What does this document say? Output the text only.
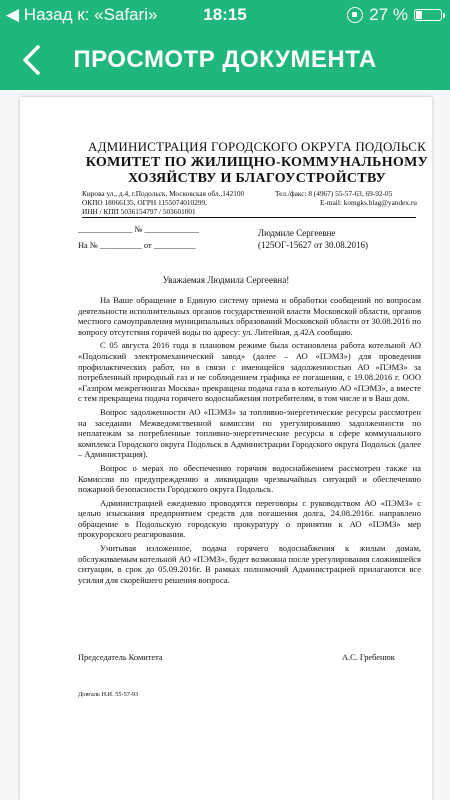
◀ Назад к: «Safari»	18:15	27 %
ПРОСМОТР ДОКУМЕНТА
АДМИНИСТРАЦИЯ ГОРОДСКОГО ОКРУГА ПОДОЛЬСК
КОМИТЕТ ПО ЖИЛИЩНО-КОММУНАЛЬНОМУ
ХОЗЯЙСТВУ И БЛАГОУСТРОЙСТВУ
Кирова ул., д.4, г.Подольск, Московская обл.,142100
ОКПО 18066135, ОГРН 1155074010299,
ИНН / КПП 5036154797 / 503601001
Тел./факс: 8 (4967) 55-57-63, 69-92-05
E-mail: komgks.blag@yandex.ru
_____________ № _____________
На № __________ от __________
Людмиле Сергеевне
(125ОГ-15627 от 30.08.2016)
Уважаемая Людмила Сергеевна!

На Ваше обращение в Единую систему приема и обработки сообщений по вопросам деятельности исполнительных органов государственной власти Московской области, органов местного самоуправления муниципальных образований Московской области от 30.08.2016 по вопросу отсутствия горячей воды по адресу: ул. Литейная, д.42А сообщаю.

С 05 августа 2016 года в плановом режиме была остановлена работа котельной АО «Подольский электромеханический завод» (далее – АО «ПЭМЗ») для проведения профилактических работ, но в связи с имеющейся задолженностью АО «ПЭМЗ» за потребленный природный газ и не соблюдением графика ее погашения, с 19.08.2016 г. ООО «Газпром межрегионгаз Москва» прекращена подача газа в котельную АО «ПЭМЗ», а вместе с тем прекращена подача горячего водоснабжения потребителям, в том числе и в Ваш дом.

Вопрос задолженности АО «ПЭМЗ» за топливно-энергетические ресурсы рассмотрен на заседании Межведомственной комиссии по урегулированию задолженности по неплатежам за потребленные топливно-энергетические ресурсы в сфере коммунального комплекса Городского округа Подольск в Администрации Городского округа Подольск (далее – Администрация).

Вопрос о мерах по обеспечению горячим водоснабжением рассмотрен также на Комиссии по предупреждению и ликвидации чрезвычайных ситуаций и обеспечению пожарной безопасности Городского округа Подольск.

Администрацией ежедневно проводятся переговоры с руководством АО «ПЭМЗ» с целью изыскания предприятием средств для погашения долга, 24.08.2016г. направлено обращение в Подольскую городскую прокуратуру о принятии к АО «ПЭМЗ» мер прокурорского реагирования.

Учитывая изложенное, подача горячего водоснабжения к жилым домам, обслуживаемым котельной АО «ПЭМЗ», будет возможна после урегулирования сложившейся ситуации, в срок до 05.09.2016г. В рамках полномочий Администрацией прилагаются все усилия для скорейшего решения вопроса.

Председатель Комитета	А.С. Гребенюк
Довгаль Н.И. 55-57-93
